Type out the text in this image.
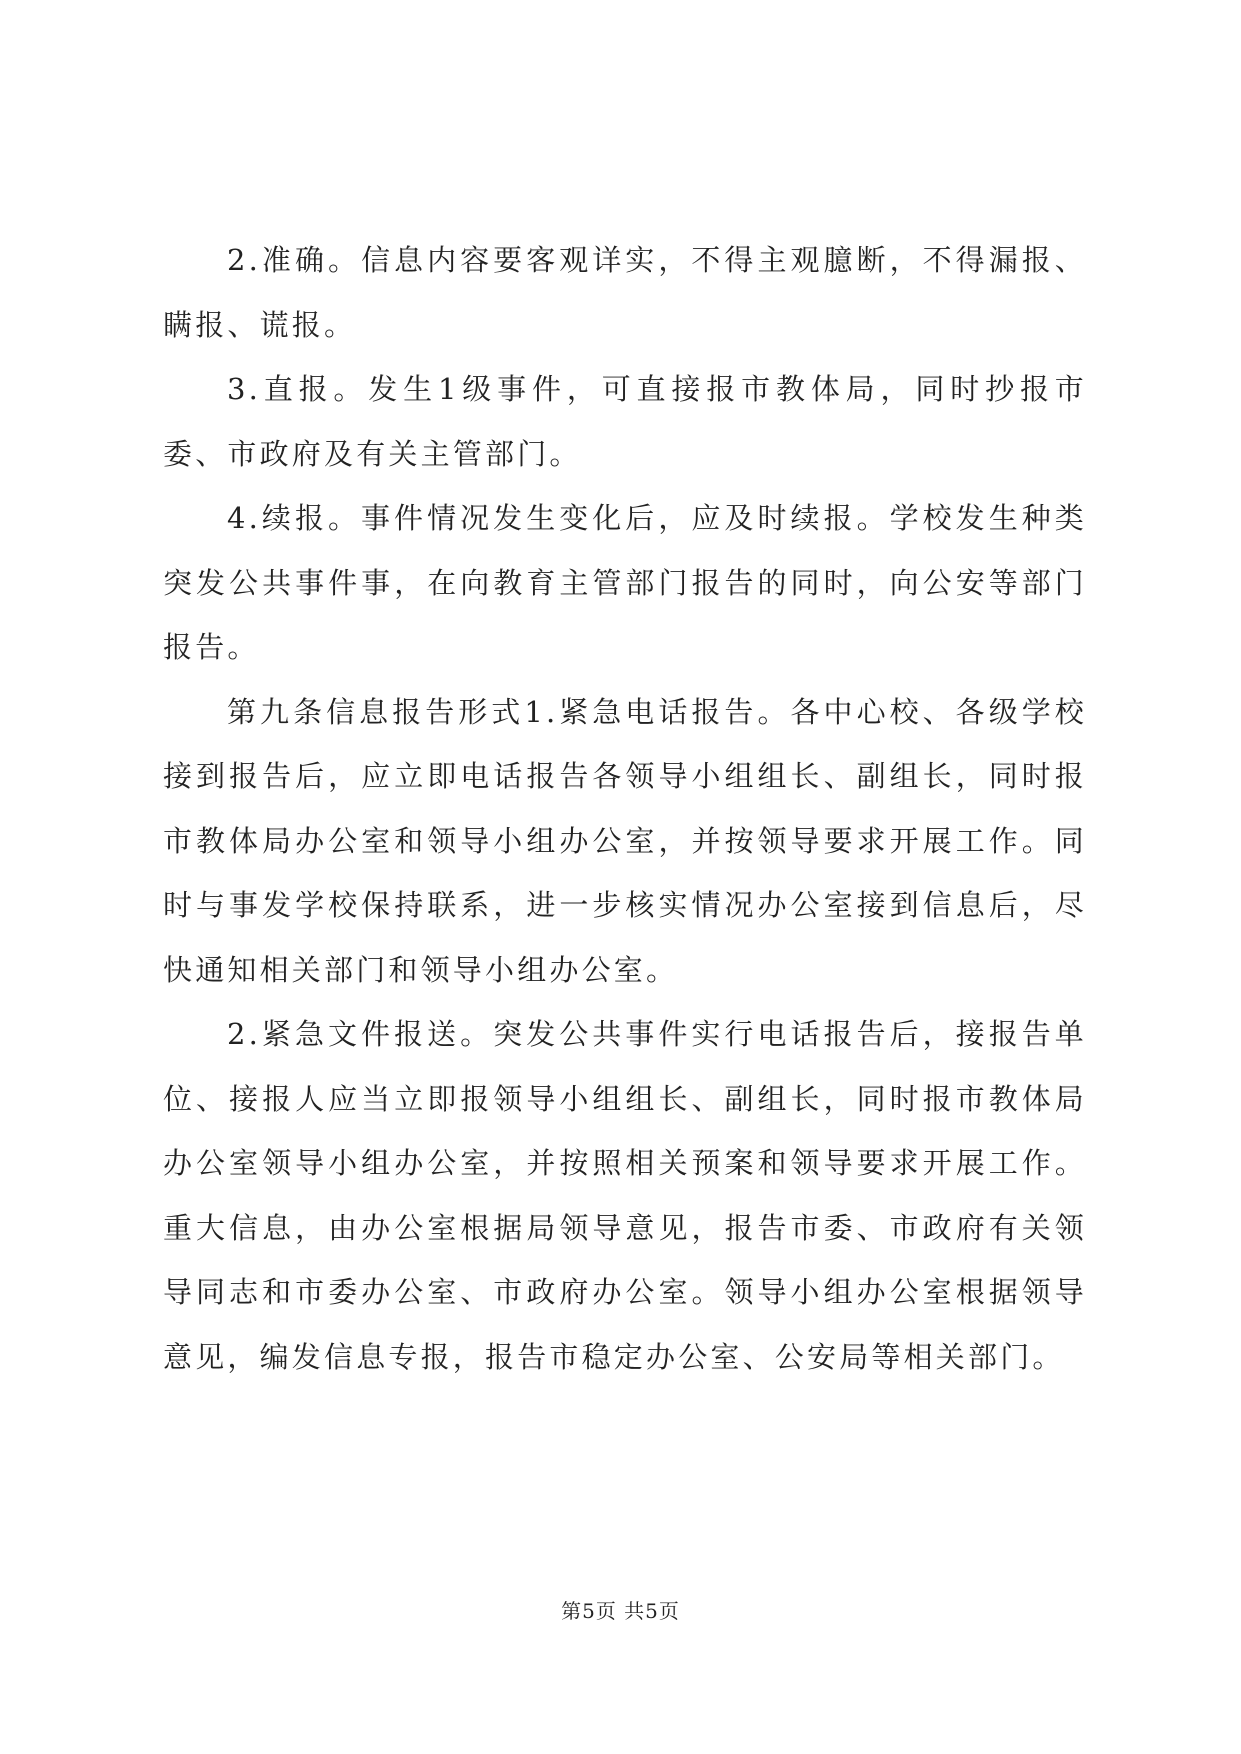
2.准确。信息内容要客观详实，不得主观臆断，不得漏报、瞒报、谎报。

3.直报。发生1级事件，可直接报市教体局，同时抄报市委、市政府及有关主管部门。

4.续报。事件情况发生变化后，应及时续报。学校发生种类突发公共事件事，在向教育主管部门报告的同时，向公安等部门报告。

第九条信息报告形式1.紧急电话报告。各中心校、各级学校接到报告后，应立即电话报告各领导小组组长、副组长，同时报市教体局办公室和领导小组办公室，并按领导要求开展工作。同时与事发学校保持联系，进一步核实情况办公室接到信息后，尽快通知相关部门和领导小组办公室。

2.紧急文件报送。突发公共事件实行电话报告后，接报告单位、接报人应当立即报领导小组组长、副组长，同时报市教体局办公室领导小组办公室，并按照相关预案和领导要求开展工作。重大信息，由办公室根据局领导意见，报告市委、市政府有关领导同志和市委办公室、市政府办公室。领导小组办公室根据领导意见，编发信息专报，报告市稳定办公室、公安局等相关部门。

第5页 共5页
